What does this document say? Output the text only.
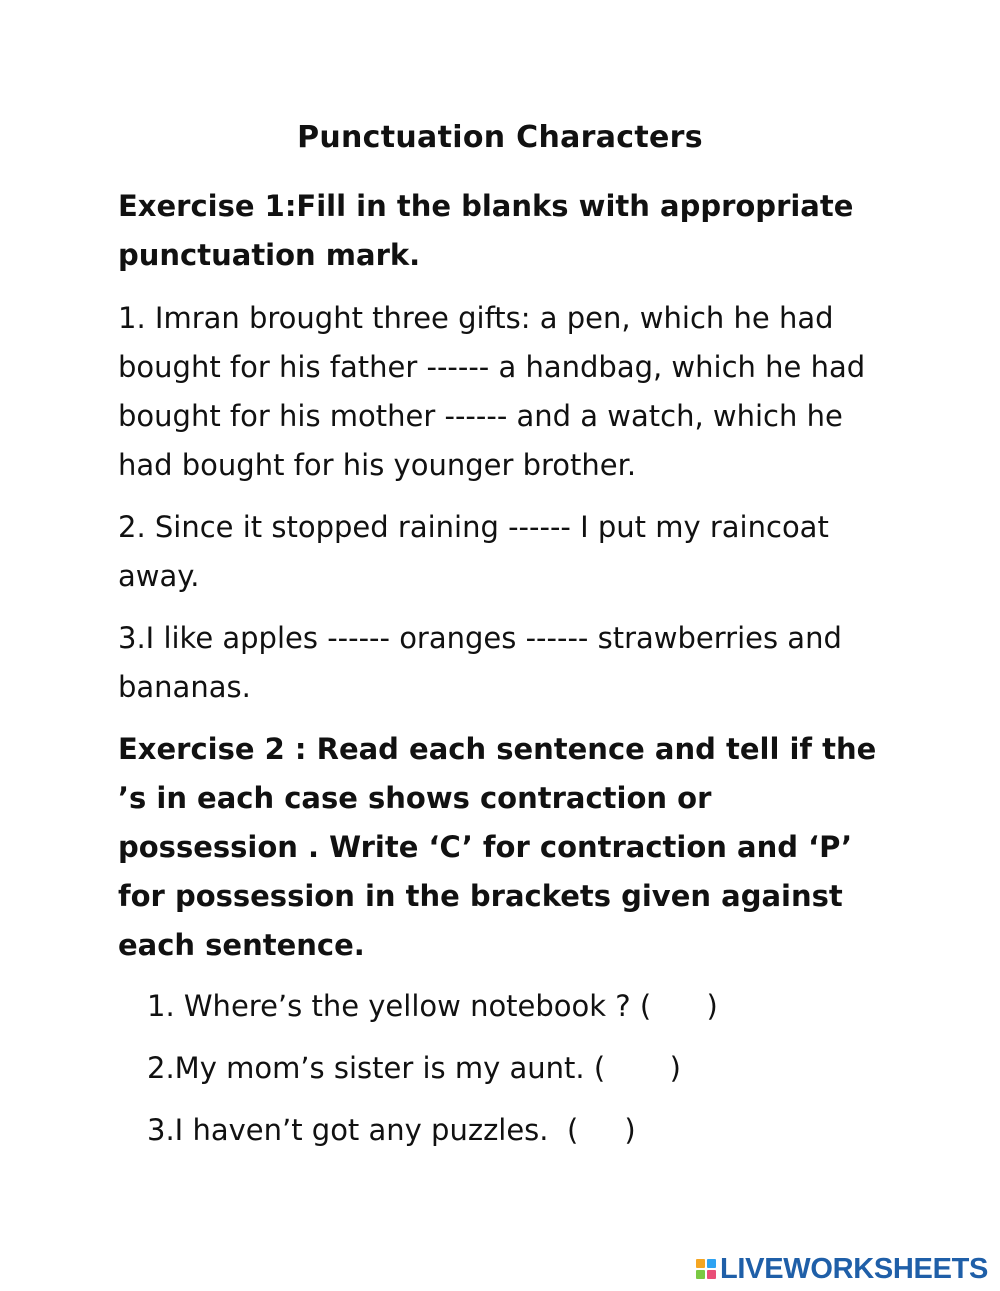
Punctuation Characters
Exercise 1:Fill in the blanks with appropriate punctuation mark.
1. Imran brought three gifts: a pen, which he had bought for his father ------ a handbag, which he had bought for his mother ------ and a watch, which he had bought for his younger brother.
2. Since it stopped raining ------ I put my raincoat away.
3.I like apples ------ oranges ------ strawberries and bananas.
Exercise 2 : Read each sentence and tell if the ’s in each case shows contraction or possession . Write ‘C’ for contraction and ‘P’ for possession in the brackets given against each sentence.
1. Where’s the yellow notebook ? (      )
2.My mom’s sister is my aunt. (       )
3.I haven’t got any puzzles.  (     )
LIVEWORKSHEETS
